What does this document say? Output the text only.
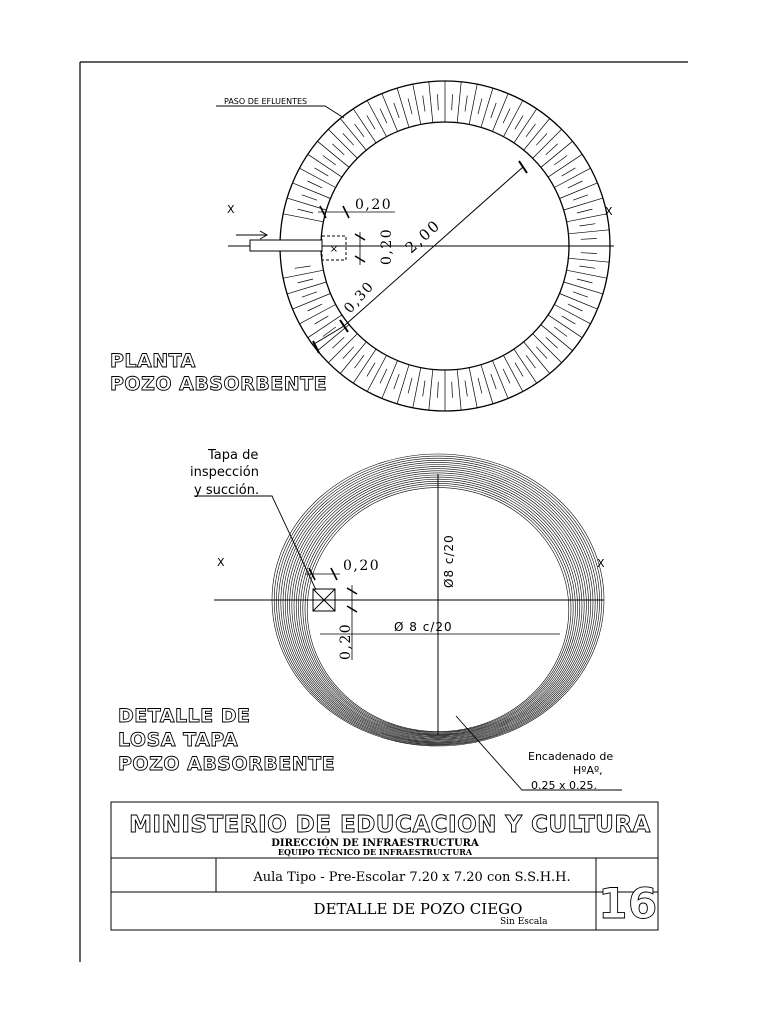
×
PASO DE EFLUENTES
X	X
0,20
0,20
0,30
2,00
PLANTA
POZO ABSORBENTE
Tapa de
inspección
y succión.
X	X
0,20
0,20
Ø8 c/20
Ø 8 c/20
Encadenado de
HºAº,
0.25 x 0.25.
DETALLE DE
LOSA TAPA
POZO ABSORBENTE
MINISTERIO DE EDUCACION Y CULTURA
DIRECCIÓN DE INFRAESTRUCTURA
EQUIPO TÉCNICO DE INFRAESTRUCTURA
Aula Tipo - Pre-Escolar 7.20 x 7.20 con S.S.H.H.
DETALLE DE POZO CIEGO
Sin Escala 16
